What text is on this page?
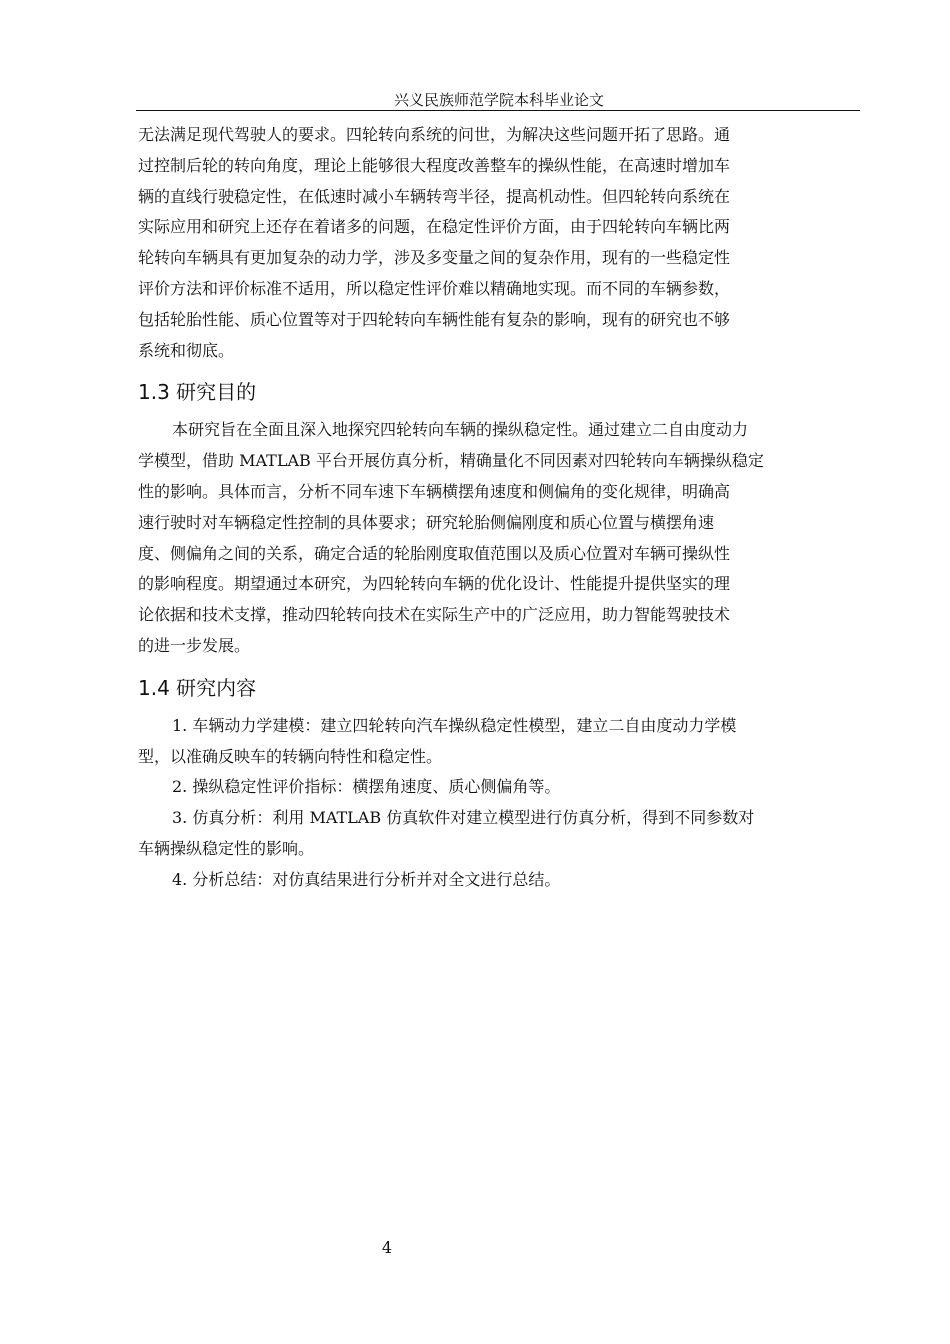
兴义民族师范学院本科毕业论文
无法满足现代驾驶人的要求。四轮转向系统的问世，为解决这些问题开拓了思路。通
过控制后轮的转向角度，理论上能够很大程度改善整车的操纵性能，在高速时增加车
辆的直线行驶稳定性，在低速时减小车辆转弯半径，提高机动性。但四轮转向系统在
实际应用和研究上还存在着诸多的问题，在稳定性评价方面，由于四轮转向车辆比两
轮转向车辆具有更加复杂的动力学，涉及多变量之间的复杂作用，现有的一些稳定性
评价方法和评价标准不适用，所以稳定性评价难以精确地实现。而不同的车辆参数，
包括轮胎性能、质心位置等对于四轮转向车辆性能有复杂的影响，现有的研究也不够
系统和彻底。
1.3 研究目的
本研究旨在全面且深入地探究四轮转向车辆的操纵稳定性。通过建立二自由度动力
学模型，借助 MATLAB 平台开展仿真分析，精确量化不同因素对四轮转向车辆操纵稳定
性的影响。具体而言，分析不同车速下车辆横摆角速度和侧偏角的变化规律，明确高
速行驶时对车辆稳定性控制的具体要求；研究轮胎侧偏刚度和质心位置与横摆角速
度、侧偏角之间的关系，确定合适的轮胎刚度取值范围以及质心位置对车辆可操纵性
的影响程度。期望通过本研究，为四轮转向车辆的优化设计、性能提升提供坚实的理
论依据和技术支撑，推动四轮转向技术在实际生产中的广泛应用，助力智能驾驶技术
的进一步发展。
1.4 研究内容
1. 车辆动力学建模：建立四轮转向汽车操纵稳定性模型，建立二自由度动力学模
型，以准确反映车的转辆向特性和稳定性。
2. 操纵稳定性评价指标：横摆角速度、质心侧偏角等。
3. 仿真分析：利用 MATLAB 仿真软件对建立模型进行仿真分析，得到不同参数对
车辆操纵稳定性的影响。
4. 分析总结：对仿真结果进行分析并对全文进行总结。
4
